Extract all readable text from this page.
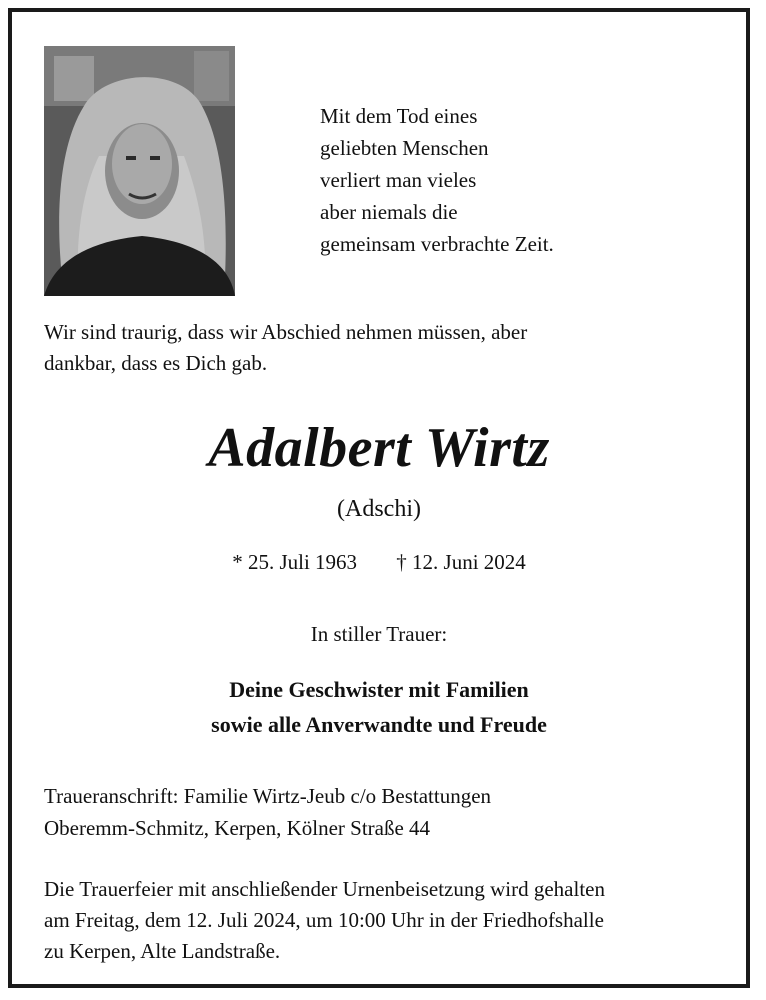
Mit dem Tod eines
geliebten Menschen
verliert man vieles
aber niemals die
gemeinsam verbrachte Zeit.
Wir sind traurig, dass wir Abschied nehmen müssen, aber
dankbar, dass es Dich gab.
Adalbert Wirtz
(Adschi)
* 25. Juli 1963 † 12. Juni 2024
In stiller Trauer:
Deine Geschwister mit Familien
sowie alle Anverwandte und Freude
Traueranschrift: Familie Wirtz-Jeub c/o Bestattungen
Oberemm-Schmitz, Kerpen, Kölner Straße 44
Die Trauerfeier mit anschließender Urnenbeisetzung wird gehalten
am Freitag, dem 12. Juli 2024, um 10:00 Uhr in der Friedhofshalle
zu Kerpen, Alte Landstraße.
